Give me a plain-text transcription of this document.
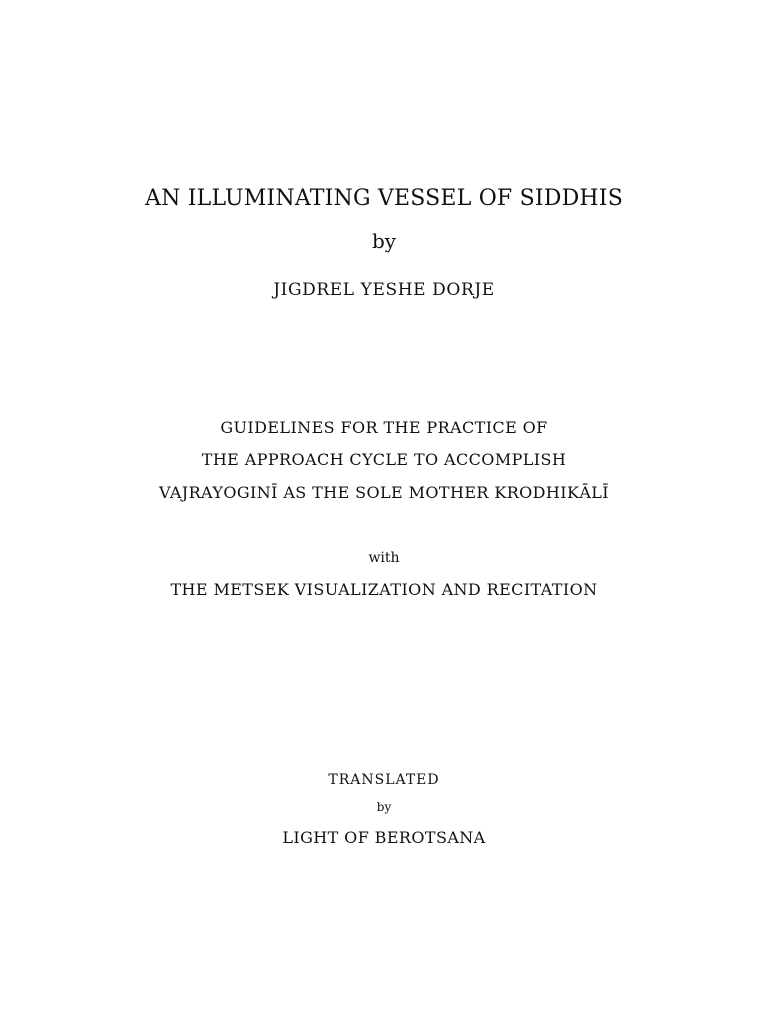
AN ILLUMINATING VESSEL OF SIDDHIS

by

JIGDREL YESHE DORJE

GUIDELINES FOR THE PRACTICE OF

THE APPROACH CYCLE TO ACCOMPLISH

VAJRAYOGINĪ AS THE SOLE MOTHER KRODHIKĀLĪ

with

THE METSEK VISUALIZATION AND RECITATION

TRANSLATED

by

LIGHT OF BEROTSANA
